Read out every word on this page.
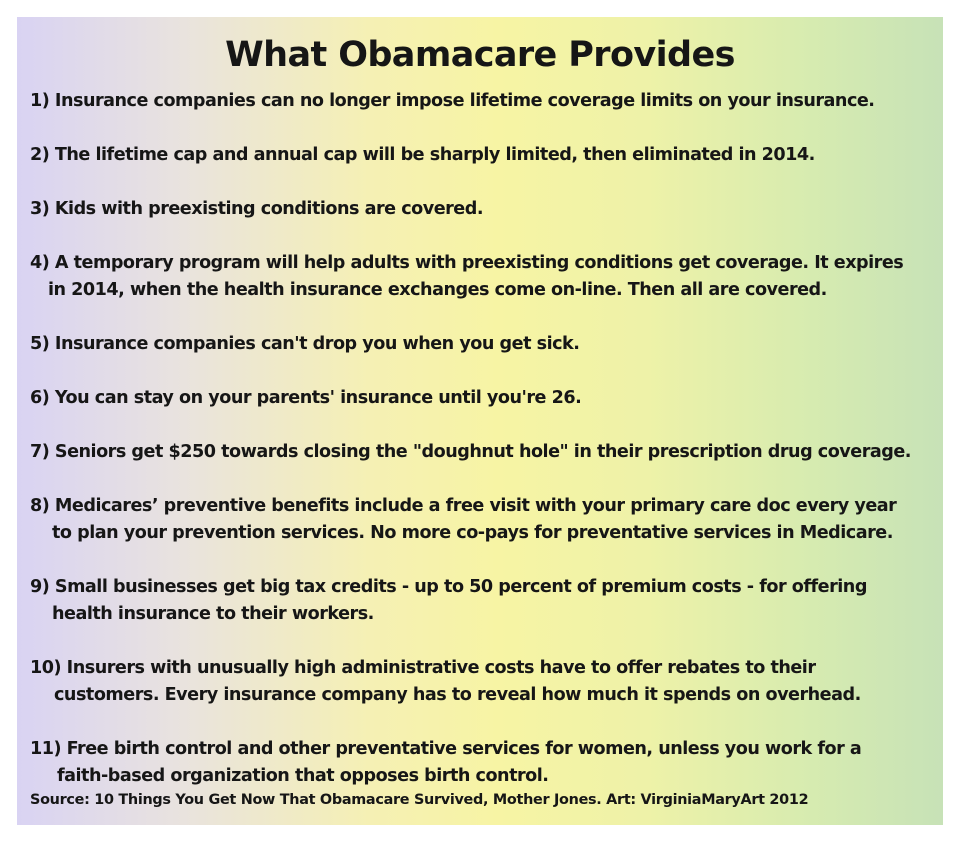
What Obamacare Provides
1) Insurance companies can no longer impose lifetime coverage limits on your insurance.
2) The lifetime cap and annual cap will be sharply limited, then eliminated in 2014.
3) Kids with preexisting conditions are covered.
4) A temporary program will help adults with preexisting conditions get coverage. It expires
in 2014, when the health insurance exchanges come on-line. Then all are covered.
5) Insurance companies can't drop you when you get sick.
6) You can stay on your parents' insurance until you're 26.
7) Seniors get $250 towards closing the "doughnut hole" in their prescription drug coverage.
8) Medicares’ preventive benefits include a free visit with your primary care doc every year
to plan your prevention services. No more co-pays for preventative services in Medicare.
9) Small businesses get big tax credits - up to 50 percent of premium costs - for offering
health insurance to their workers.
10) Insurers with unusually high administrative costs have to offer rebates to their
customers. Every insurance company has to reveal how much it spends on overhead.
11) Free birth control and other preventative services for women, unless you work for a
faith-based organization that opposes birth control.
Source: 10 Things You Get Now That Obamacare Survived, Mother Jones. Art: VirginiaMaryArt 2012
